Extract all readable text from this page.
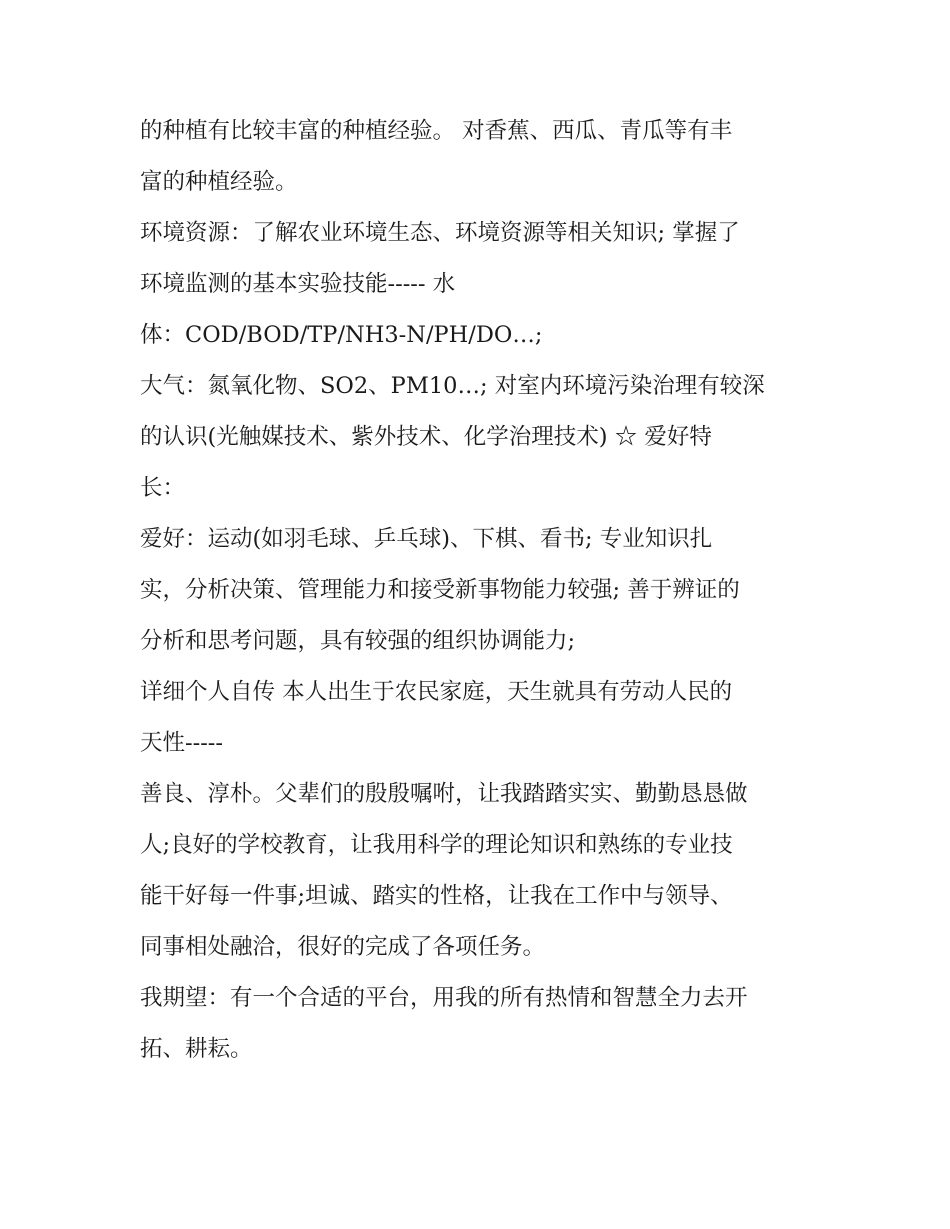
的种植有比较丰富的种植经验。 对香蕉、西瓜、青瓜等有丰
富的种植经验。
环境资源：了解农业环境生态、环境资源等相关知识; 掌握了
环境监测的基本实验技能----- 水
体：COD/BOD/TP/NH3-N/PH/DO…;
大气：氮氧化物、SO2、PM10…; 对室内环境污染治理有较深
的认识(光触媒技术、紫外技术、化学治理技术) ☆ 爱好特
长：
爱好：运动(如羽毛球、乒乓球)、下棋、看书; 专业知识扎
实，分析决策、管理能力和接受新事物能力较强; 善于辨证的
分析和思考问题，具有较强的组织协调能力;
详细个人自传 本人出生于农民家庭，天生就具有劳动人民的
天性-----
善良、淳朴。父辈们的殷殷嘱咐，让我踏踏实实、勤勤恳恳做
人;良好的学校教育，让我用科学的理论知识和熟练的专业技
能干好每一件事;坦诚、踏实的性格，让我在工作中与领导、
同事相处融洽，很好的完成了各项任务。
我期望：有一个合适的平台，用我的所有热情和智慧全力去开
拓、耕耘。
